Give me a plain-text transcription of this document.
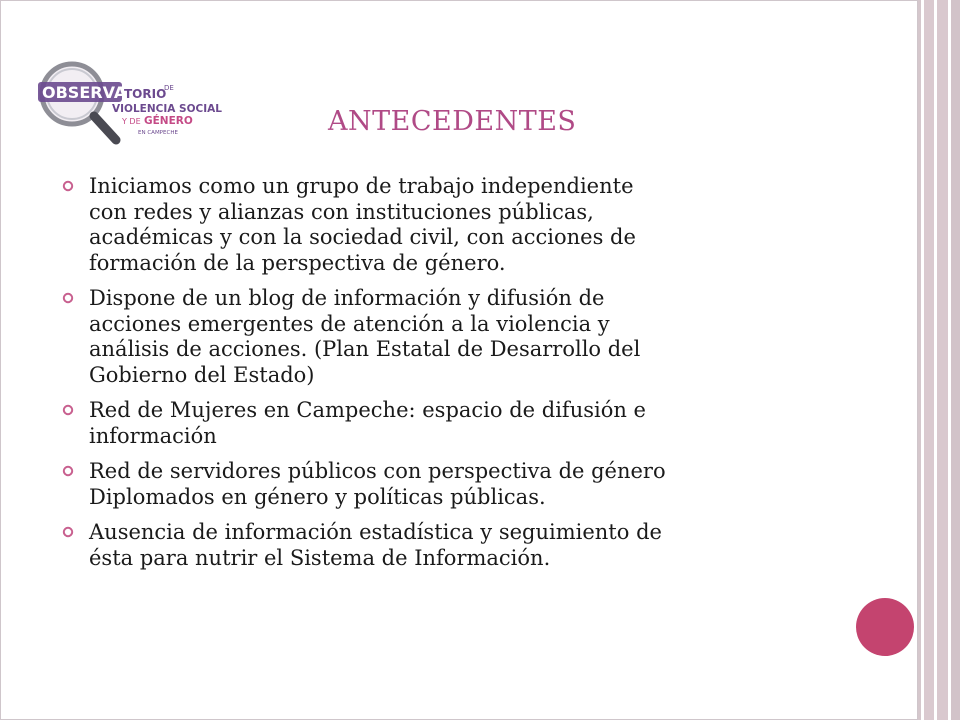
OBSERVA
TORIO
DE
VIOLENCIA SOCIAL
Y DE GÉNERO
EN CAMPECHE	ANTECEDENTES
Iniciamos como un grupo de trabajo independiente
con redes y alianzas con instituciones públicas,
académicas y con la sociedad civil, con acciones de
formación de la perspectiva de género.
Dispone de un blog de información y difusión de
acciones emergentes de atención a la violencia y
análisis de acciones. (Plan Estatal de Desarrollo del
Gobierno del Estado)
Red de Mujeres en Campeche: espacio de difusión e
información
Red de servidores públicos con perspectiva de género
Diplomados en género y políticas públicas.
Ausencia de información estadística y seguimiento de
ésta para nutrir el Sistema de Información.
